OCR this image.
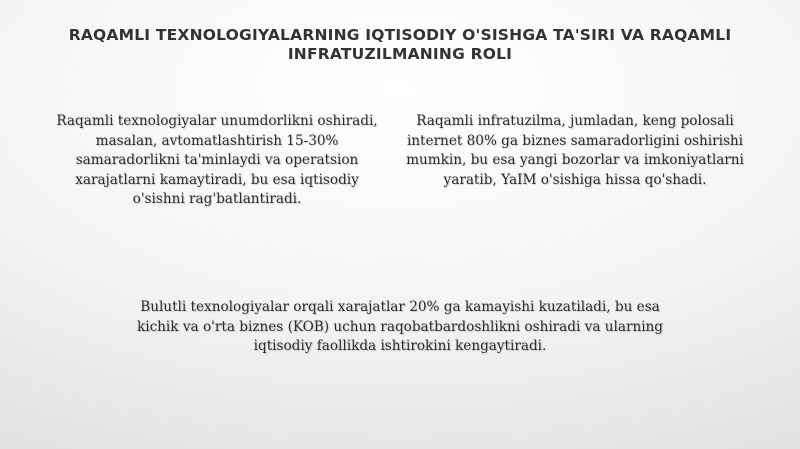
RAQAMLI TEXNOLOGIYALARNING IQTISODIY O'SISHGA TA'SIRI VA RAQAMLI INFRATUZILMANING ROLI
Raqamli texnologiyalar unumdorlikni oshiradi, masalan, avtomatlashtirish 15-30% samaradorlikni ta'minlaydi va operatsion xarajatlarni kamaytiradi, bu esa iqtisodiy o'sishni rag'batlantiradi.
Raqamli infratuzilma, jumladan, keng polosali internet 80% ga biznes samaradorligini oshirishi mumkin, bu esa yangi bozorlar va imkoniyatlarni yaratib, YaIM o'sishiga hissa qo'shadi.
Bulutli texnologiyalar orqali xarajatlar 20% ga kamayishi kuzatiladi, bu esa kichik va o'rta biznes (KOB) uchun raqobatbardoshlikni oshiradi va ularning iqtisodiy faollikda ishtirokini kengaytiradi.
